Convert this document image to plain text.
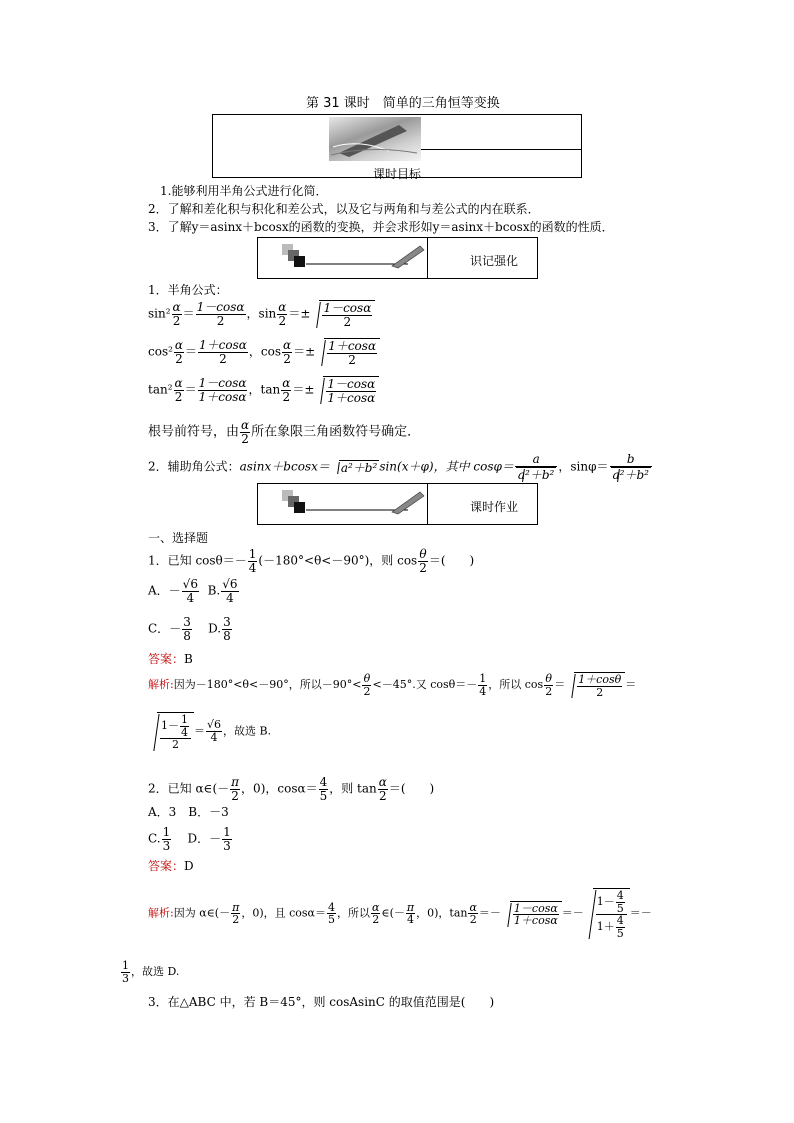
第 31 课时　简单的三角恒等变换
课时目标
1.能够利用半角公式进行化简．
2．了解和差化积与积化和差公式，以及它与两角和与差公式的内在联系．
3．了解y＝asinx＋bcosx的函数的变换，并会求形如y＝asinx＋bcosx的函数的性质．
识记强化
1．半角公式：
$\sin^2 \frac{\alpha}{2} = \frac{1-\cos\alpha}{2}$ ，$\sin \frac{\alpha}{2} =\pm \frac{1-\cos\alpha}{2}$
$\cos^2 \frac{\alpha}{2} = \frac{1+\cos\alpha}{2}$ ，$\cos \frac{\alpha}{2} =\pm \frac{1+\cos\alpha}{2}$
$\tan^2 \frac{\alpha}{2} = \frac{1-\cos\alpha}{1+\cos\alpha}$ ，$\tan \frac{\alpha}{2} =\pm \frac{1-\cos\alpha}{1+\cos\alpha}$
根号前符号，由 $\frac{\alpha}{2}$ 所在象限三角函数符号确定．
2．辅助角公式：asinx＋bcosx＝ a²＋b² sin(x＋φ)，其中 $\cos\varphi= \frac{a}{\text{a²＋b²}}$ ，$\sin\varphi= \frac{b}{\text{a²＋b²}}$
课时作业
一、选择题
1．已知 $\cos\theta=- \frac{1}{4} (-180^\circ<\theta<-90^\circ)$，则 $\cos \frac{\theta}{2}$ ＝(　　)
A．－ $\frac{√6}{4} B$. $\frac{√6}{4}$
C．－ $\frac{3}{8} D$. $\frac{3}{8}$
答案：B
解析:因为－180°<θ<－90°，所以$-90^\circ< \frac{\theta}{2} <-45^\circ$.又 $\cos\theta=- \frac{1}{4}$ ，所以 $\cos \frac{\theta}{2} = \frac{1+\cos\theta}{2}$ ＝
$\frac{1- \frac{1}{4}}{2} = \frac{√6}{4}$ ，故选 B.
2．已知 α∈(－ $\frac{\pi}{2}$ ，0)，$\cos\alpha= \frac{4}{5}$ ，则 $\tan \frac{\alpha}{2}$ ＝(　　)
A．3　B．－3
C. $\frac{1}{3}$ D．－ $\frac{1}{3}$
答案：D
解析:因为 α∈(－ $\frac{\pi}{2}$ ，0)，且 $\cos\alpha= \frac{4}{5}$ ，所以 $\frac{\alpha}{2}$ ∈(－ $\frac{\pi}{4}$ ，0)，$\tan \frac{\alpha}{2} =- \frac{1-\cos\alpha}{1+\cos\alpha} =- \frac{1- \frac{4}{5}}{1+ \frac{4}{5}}$ ＝－
$\frac{1}{3}$ ，故选 D.
3．在△ABC 中，若 B＝45°，则 cosAsinC 的取值范围是(　　)
